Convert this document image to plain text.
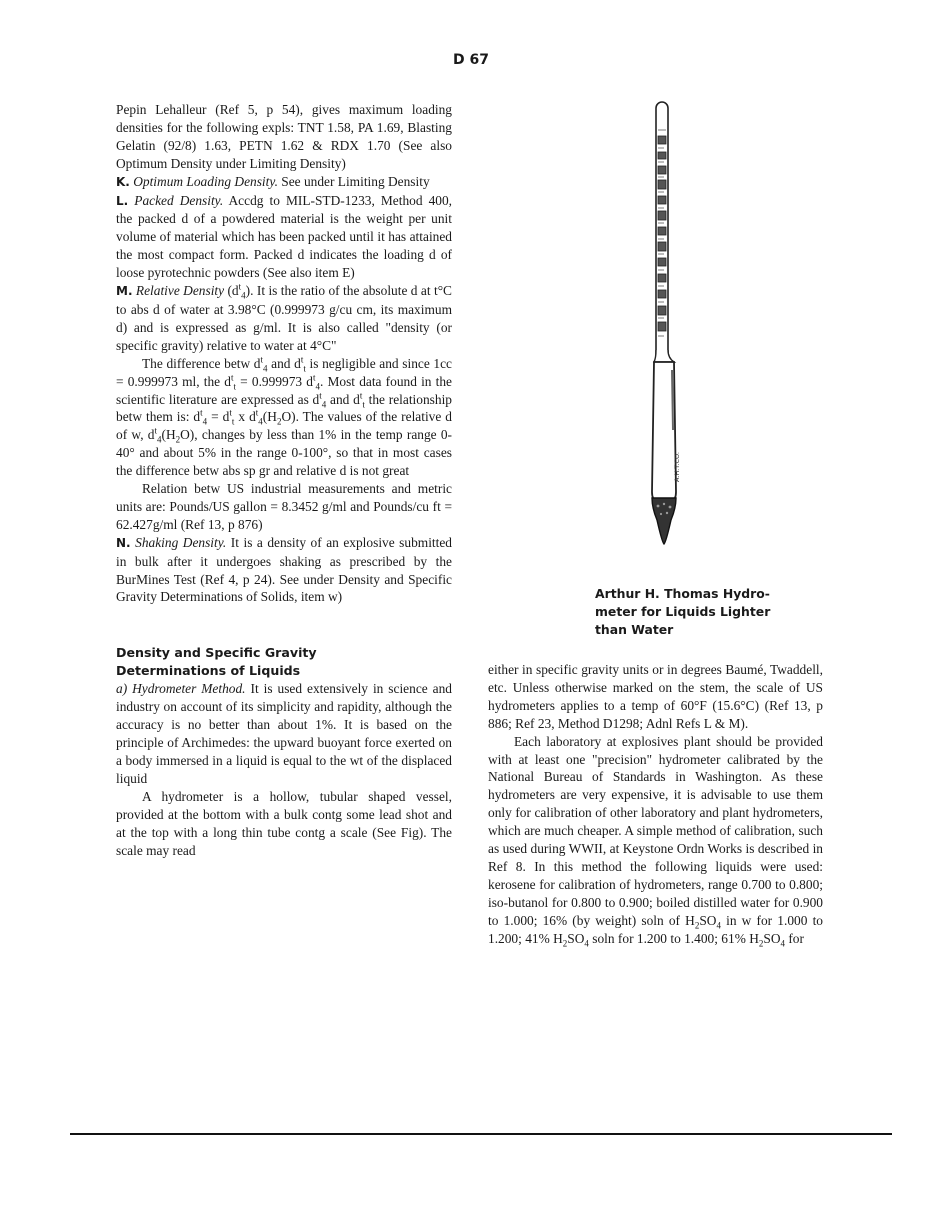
D 67

Pepin Lehalleur (Ref 5, p 54), gives maximum loading densities for the following expls: TNT 1.58, PA 1.69, Blasting Gelatin (92/8) 1.63, PETN 1.62 & RDX 1.70 (See also Optimum Density under Limiting Density)

K. Optimum Loading Density. See under Limiting Density

L. Packed Density. Accdg to MIL-STD-1233, Method 400, the packed d of a powdered material is the weight per unit volume of material which has been packed until it has attained the most compact form. Packed d indicates the loading d of loose pyrotechnic powders (See also item E)

M. Relative Density $(d^t_4)$. It is the ratio of the absolute d at t°C to abs d of water at 3.98°C (0.999973 g/cu cm, its maximum d) and is expressed as g/ml. It is also called "density (or specific gravity) relative to water at 4°C"

The difference betw $d^t_4$ and $d^t_t$ is negligible and since 1cc = 0.999973 ml, the $d^t_t = 0.999973$ $d^t_4$. Most data found in the scientific literature are expressed as $d^t_4$ and $d^t_t$ the relationship betw them is: $d^t_4 = d^t_t$ x $d^t_4(H_2O)$. The values of the relative d of w, $d^t_4(H_2O)$, changes by less than 1% in the temp range 0-40° and about 5% in the range 0-100°, so that in most cases the difference betw abs sp gr and relative d is not great

Relation betw US industrial measurements and metric units are: Pounds/US gallon = 8.3452 g/ml and Pounds/cu ft = 62.427g/ml (Ref 13, p 876)

N. Shaking Density. It is a density of an explosive submitted in bulk after it undergoes shaking as prescribed by the BurMines Test (Ref 4, p 24). See under Density and Specific Gravity Determinations of Solids, item w)

Density and Specific Gravity

Determinations of Liquids

a) Hydrometer Method. It is used extensively in science and industry on account of its simplicity and rapidity, although the accuracy is no better than about 1%. It is based on the principle of Archimedes: the upward buoyant force exerted on a body immersed in a liquid is equal to the wt of the displaced liquid

A hydrometer is a hollow, tubular shaped vessel, provided at the bottom with a bulk contg some lead shot and at the top with a long thin tube contg a scale (See Fig). The scale may read

A.H.T.CO.
Arthur H. Thomas Hydro-
meter for Liquids Lighter
than Water

either in specific gravity units or in degrees Baumé, Twaddell, etc. Unless otherwise marked on the stem, the scale of US hydrometers applies to a temp of 60°F (15.6°C) (Ref 13, p 886; Ref 23, Method D1298; Adnl Refs L & M).

Each laboratory at explosives plant should be provided with at least one "precision" hydrometer calibrated by the National Bureau of Standards in Washington. As these hydrometers are very expensive, it is advisable to use them only for calibration of other laboratory and plant hydrometers, which are much cheaper. A simple method of calibration, such as used during WWII, at Keystone Ordn Works is described in Ref 8. In this method the following liquids were used: kerosene for calibration of hydrometers, range 0.700 to 0.800; iso-butanol for 0.800 to 0.900; boiled distilled water for 0.900 to 1.000; 16% (by weight) soln of $H_2SO_4$ in w for 1.000 to 1.200; 41% $H_2SO_4$ soln for 1.200 to 1.400; 61% $H_2SO_4$ for
